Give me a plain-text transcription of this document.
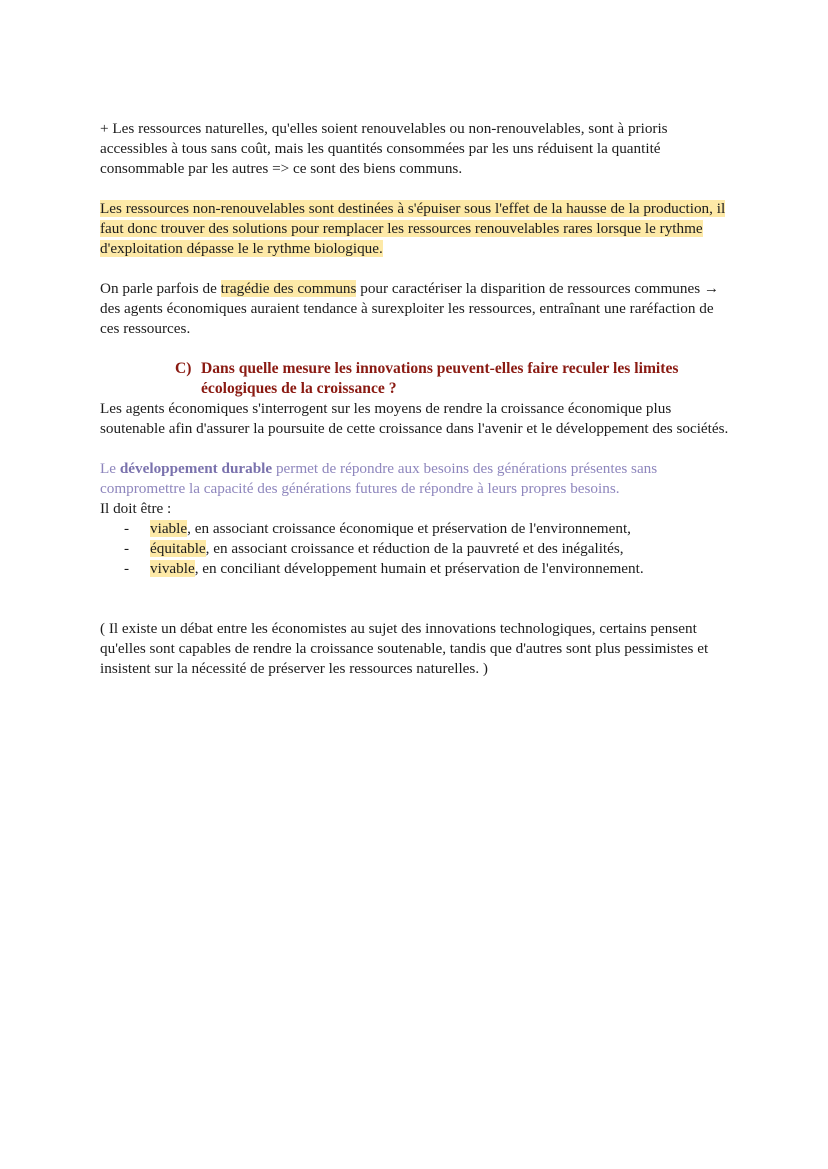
+ Les ressources naturelles, qu'elles soient renouvelables ou non-renouvelables, sont à prioris accessibles à tous sans coût, mais les quantités consommées par les uns réduisent la quantité consommable par les autres => ce sont des biens communs.

Les ressources non-renouvelables sont destinées à s'épuiser sous l'effet de la hausse de la production, il faut donc trouver des solutions pour remplacer les ressources renouvelables rares lorsque le rythme d'exploitation dépasse le le rythme biologique.

On parle parfois de tragédie des communs pour caractériser la disparition de ressources communes → des agents économiques auraient tendance à surexploiter les ressources, entraînant une raréfaction de ces ressources.

C) Dans quelle mesure les innovations peuvent-elles faire reculer les limites écologiques de la croissance ?

Les agents économiques s'interrogent sur les moyens de rendre la croissance économique plus soutenable afin d'assurer la poursuite de cette croissance dans l'avenir et le développement des sociétés.

Le développement durable permet de répondre aux besoins des générations présentes sans compromettre la capacité des générations futures de répondre à leurs propres besoins.

Il doit être :

-	viable, en associant croissance économique et préservation de l'environnement,
-	équitable, en associant croissance et réduction de la pauvreté et des inégalités,
-	vivable, en conciliant développement humain et préservation de l'environnement.

( Il existe un débat entre les économistes au sujet des innovations technologiques, certains pensent qu'elles sont capables de rendre la croissance soutenable, tandis que d'autres sont plus pessimistes et insistent sur la nécessité de préserver les ressources naturelles. )
